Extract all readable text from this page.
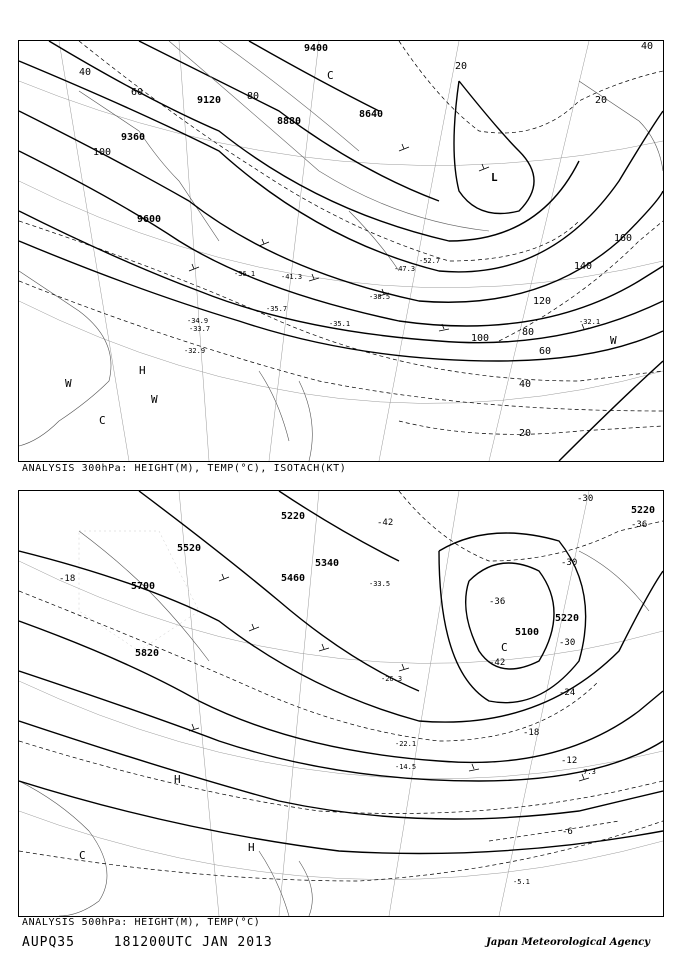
9400
9120
8880
8640
9360
9600
40
60	80
100
120
140
160
20
40
60
80
100
20
40
20
-35.1
-36.1
-35.7
-32.9
-38.5
-47.3
-52.7
-41.3
-34.9
-33.7
-32.1
L
C
H
W
W
W
C
ANALYSIS 300hPa: HEIGHT(M), TEMP(°C), ISOTACH(KT)
5220
5340
5460
5520
5700
5820
5100
5220
5220
-30
-36
-42
-30
-24
-18
-12
-6
-18
-30
-36
-42
-33.5
-26.3
-22.1
-14.5
-7.3
-5.1
H
H
C
C
ANALYSIS 500hPa: HEIGHT(M), TEMP(°C)
AUPQ35	181200UTC JAN 2013	Japan Meteorological Agency
